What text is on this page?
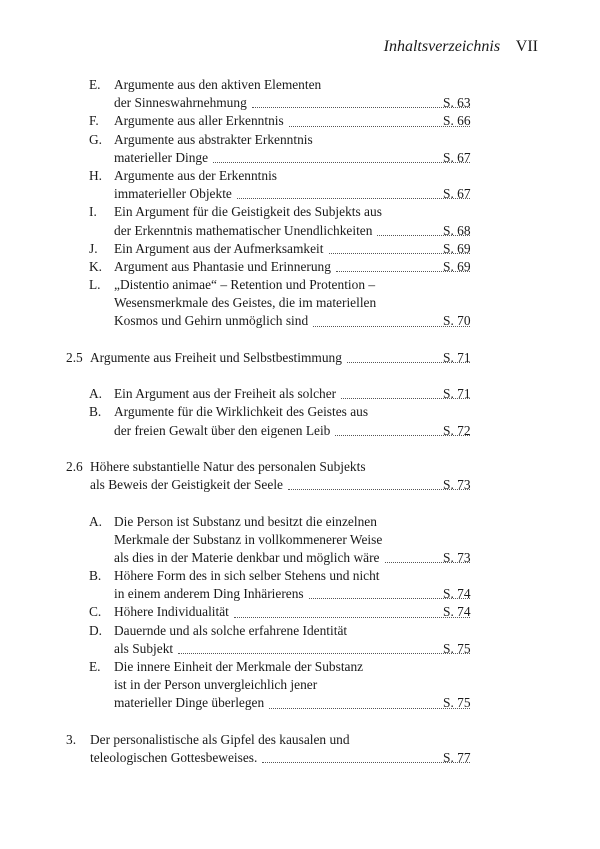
Inhaltsverzeichnis VII
E. Argumente aus den aktiven Elementen
der Sinneswahrnehmung	S. 63
F. Argumente aus aller Erkenntnis	S. 66
G. Argumente aus abstrakter Erkenntnis
materieller Dinge	S. 67
H. Argumente aus der Erkenntnis
immaterieller Objekte	S. 67
I. Ein Argument für die Geistigkeit des Subjekts aus
der Erkenntnis mathematischer Unendlichkeiten	S. 68
J. Ein Argument aus der Aufmerksamkeit	S. 69
K. Argument aus Phantasie und Erinnerung	S. 69
L. „Distentio animae“ – Retention und Protention –
Wesensmerkmale des Geistes, die im materiellen
Kosmos und Gehirn unmöglich sind	S. 70
2.5 Argumente aus Freiheit und Selbstbestimmung	S. 71
A. Ein Argument aus der Freiheit als solcher	S. 71
B. Argumente für die Wirklichkeit des Geistes aus
der freien Gewalt über den eigenen Leib	S. 72
2.6 Höhere substantielle Natur des personalen Subjekts
als Beweis der Geistigkeit der Seele	S. 73
A. Die Person ist Substanz und besitzt die einzelnen
Merkmale der Substanz in vollkommenerer Weise
als dies in der Materie denkbar und möglich wäre	S. 73
B. Höhere Form des in sich selber Stehens und nicht
in einem anderem Ding Inhärierens	S. 74
C. Höhere Individualität	S. 74
D. Dauernde und als solche erfahrene Identität
als Subjekt	S. 75
E. Die innere Einheit der Merkmale der Substanz
ist in der Person unvergleichlich jener
materieller Dinge überlegen	S. 75
3. Der personalistische als Gipfel des kausalen und
teleologischen Gottesbeweises.	S. 77
